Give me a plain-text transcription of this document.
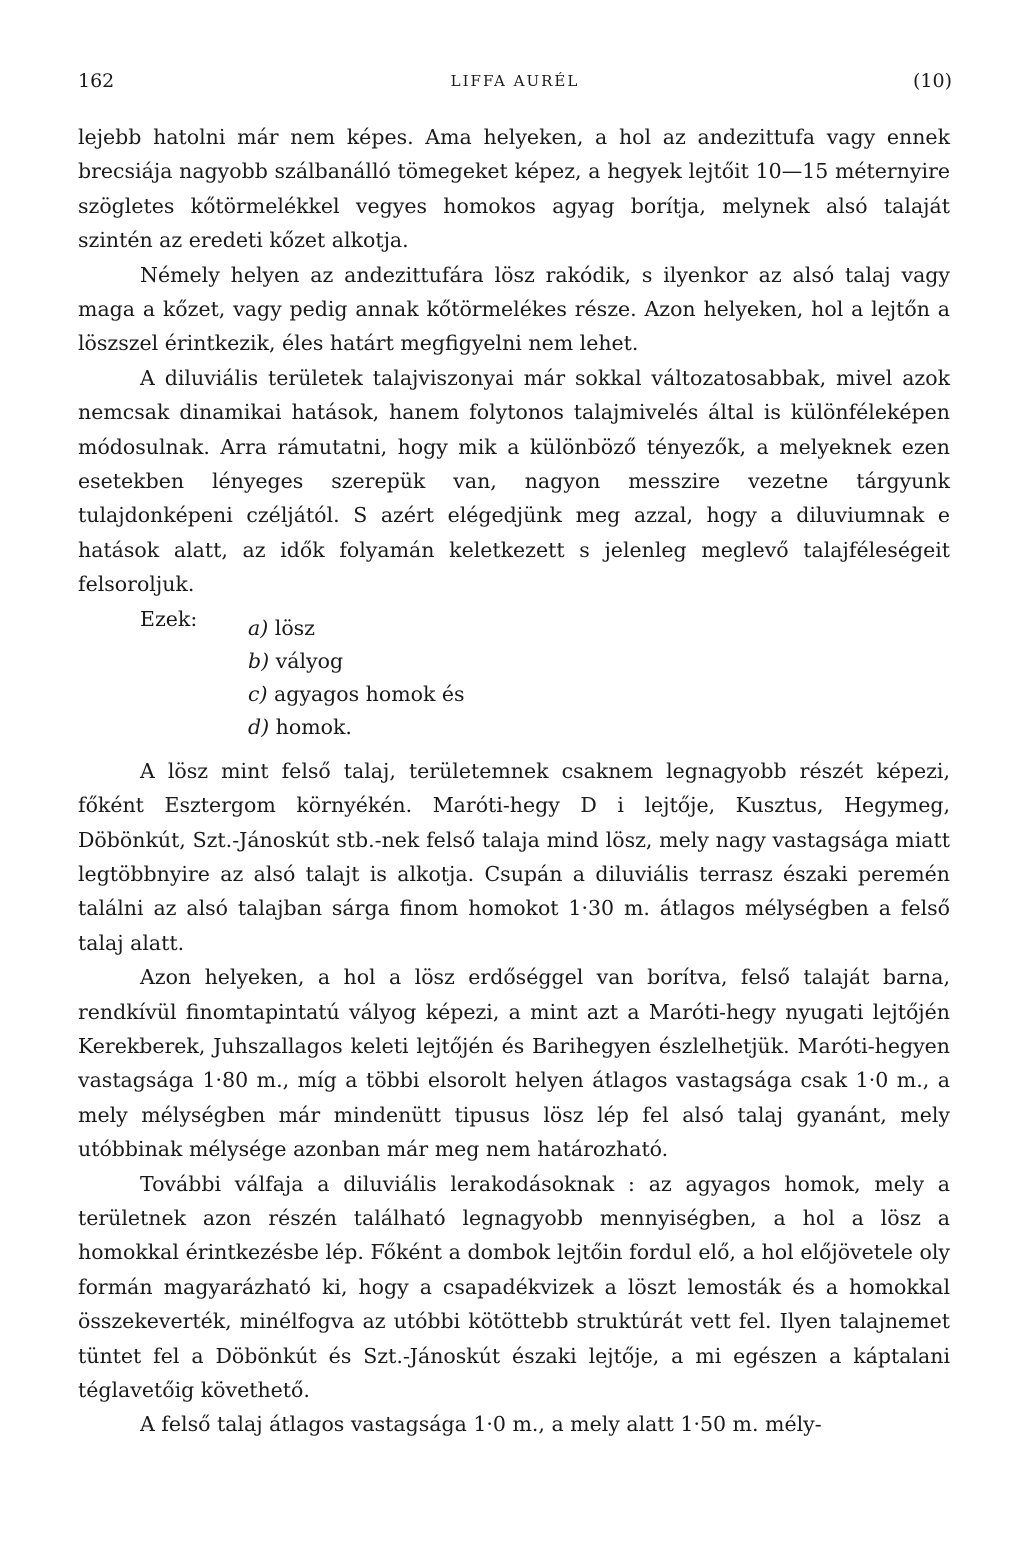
162	LIFFA AURÉL	(10)

lejebb hatolni már nem képes. Ama helyeken, a hol az andezittufa vagy ennek brecsiája nagyobb szálbanálló tömegeket képez, a hegyek lejtőit 10—15 méternyire szögletes kőtörmelékkel vegyes homokos agyag borítja, melynek alsó talaját szintén az eredeti kőzet alkotja.

Némely helyen az andezittufára lösz rakódik, s ilyenkor az alsó talaj vagy maga a kőzet, vagy pedig annak kőtörmelékes része. Azon helyeken, hol a lejtőn a löszszel érintkezik, éles határt megfigyelni nem lehet.

A diluviális területek talajviszonyai már sokkal változatosabbak, mivel azok nemcsak dinamikai hatások, hanem folytonos talajmivelés által is különféleképen módosulnak. Arra rámutatni, hogy mik a különböző tényezők, a melyeknek ezen esetekben lényeges szerepük van, nagyon messzire vezetne tárgyunk tulajdonképeni czéljától. S azért elégedjünk meg azzal, hogy a diluviumnak e hatások alatt, az idők folyamán keletkezett s jelenleg meglevő talajféleségeit felsoroljuk.

Ezek: a) lösz
b) vályog
c) agyagos homok és
d) homok.

A lösz mint felső talaj, területemnek csaknem legnagyobb részét képezi, főként Esztergom környékén. Maróti-hegy D i lejtője, Kusztus, Hegymeg, Döbönkút, Szt.-Jánoskút stb.-nek felső talaja mind lösz, mely nagy vastagsága miatt legtöbbnyire az alsó talajt is alkotja. Csupán a diluviális terrasz északi peremén találni az alsó talajban sárga finom homokot 1·30 m. átlagos mélységben a felső talaj alatt.

Azon helyeken, a hol a lösz erdőséggel van borítva, felső talaját barna, rendkívül finomtapintatú vályog képezi, a mint azt a Maróti-hegy nyugati lejtőjén Kerekberek, Juhszallagos keleti lejtőjén és Barihegyen észlelhetjük. Maróti-hegyen vastagsága 1·80 m., míg a többi elsorolt helyen átlagos vastagsága csak 1·0 m., a mely mélységben már mindenütt tipusus lösz lép fel alsó talaj gyanánt, mely utóbbinak mélysége azonban már meg nem határozható.

További válfaja a diluviális lerakodásoknak : az agyagos homok, mely a területnek azon részén található legnagyobb mennyiségben, a hol a lösz a homokkal érintkezésbe lép. Főként a dombok lejtőin fordul elő, a hol előjövetele oly formán magyarázható ki, hogy a csapadékvizek a löszt lemosták és a homokkal összekeverték, minélfogva az utóbbi kötöttebb struktúrát vett fel. Ilyen talajnemet tüntet fel a Döbönkút és Szt.-Jánoskút északi lejtője, a mi egészen a káptalani téglavetőig követhető.

A felső talaj átlagos vastagsága 1·0 m., a mely alatt 1·50 m. mély-
